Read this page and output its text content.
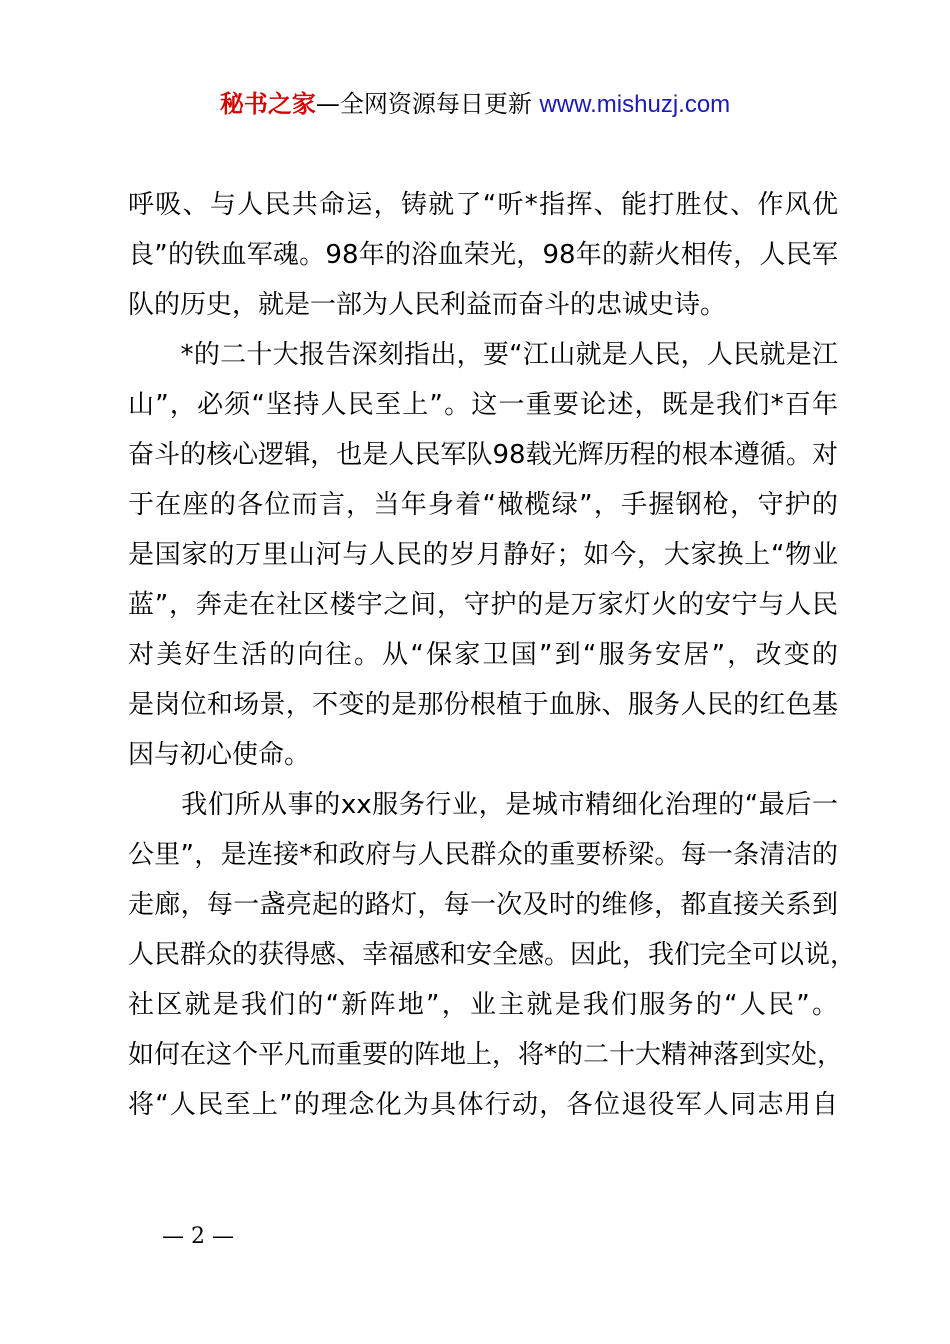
秘书之家—全网资源每日更新 www.mishuzj.com
呼吸、与人民共命运，铸就了“听*指挥、能打胜仗、作风优
良”的铁血军魂。98年的浴血荣光，98年的薪火相传，人民军
队的历史，就是一部为人民利益而奋斗的忠诚史诗。
　　*的二十大报告深刻指出，要“江山就是人民，人民就是江
山”，必须“坚持人民至上”。这一重要论述，既是我们*百年
奋斗的核心逻辑，也是人民军队98载光辉历程的根本遵循。对
于在座的各位而言，当年身着“橄榄绿”，手握钢枪，守护的
是国家的万里山河与人民的岁月静好；如今，大家换上“物业
蓝”，奔走在社区楼宇之间，守护的是万家灯火的安宁与人民
对美好生活的向往。从“保家卫国”到“服务安居”，改变的
是岗位和场景，不变的是那份根植于血脉、服务人民的红色基
因与初心使命。
　　我们所从事的xx服务行业，是城市精细化治理的“最后一
公里”，是连接*和政府与人民群众的重要桥梁。每一条清洁的
走廊，每一盏亮起的路灯，每一次及时的维修，都直接关系到
人民群众的获得感、幸福感和安全感。因此，我们完全可以说，
社区就是我们的“新阵地”，业主就是我们服务的“人民”。
如何在这个平凡而重要的阵地上，将*的二十大精神落到实处，
将“人民至上”的理念化为具体行动，各位退役军人同志用自
— 2 —
